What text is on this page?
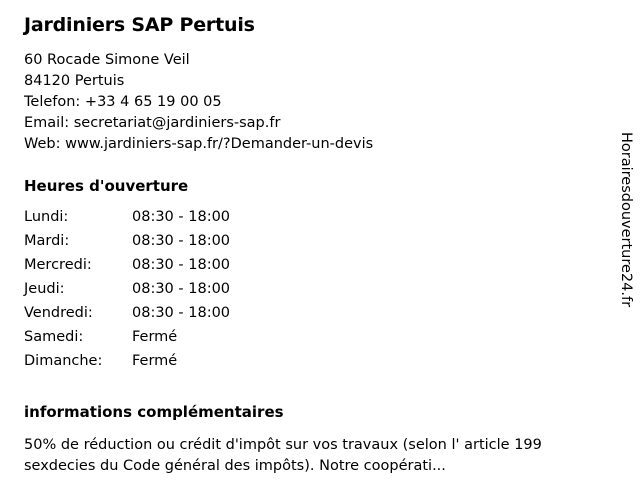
Jardiniers SAP Pertuis
60 Rocade Simone Veil
84120 Pertuis
Telefon: +33 4 65 19 00 05
Email: secretariat@jardiniers-sap.fr
Web: www.jardiniers-sap.fr/?Demander-un-devis
Heures d'ouverture
Lundi:	08:30 - 18:00
Mardi:	08:30 - 18:00
Mercredi:	08:30 - 18:00
Jeudi:	08:30 - 18:00
Vendredi:	08:30 - 18:00
Samedi:	Fermé
Dimanche:	Fermé
informations complémentaires
50% de réduction ou crédit d'impôt sur vos travaux (selon l' article 199 sexdecies du Code général des impôts). Notre coopérati...
Horairesdouverture24.fr
